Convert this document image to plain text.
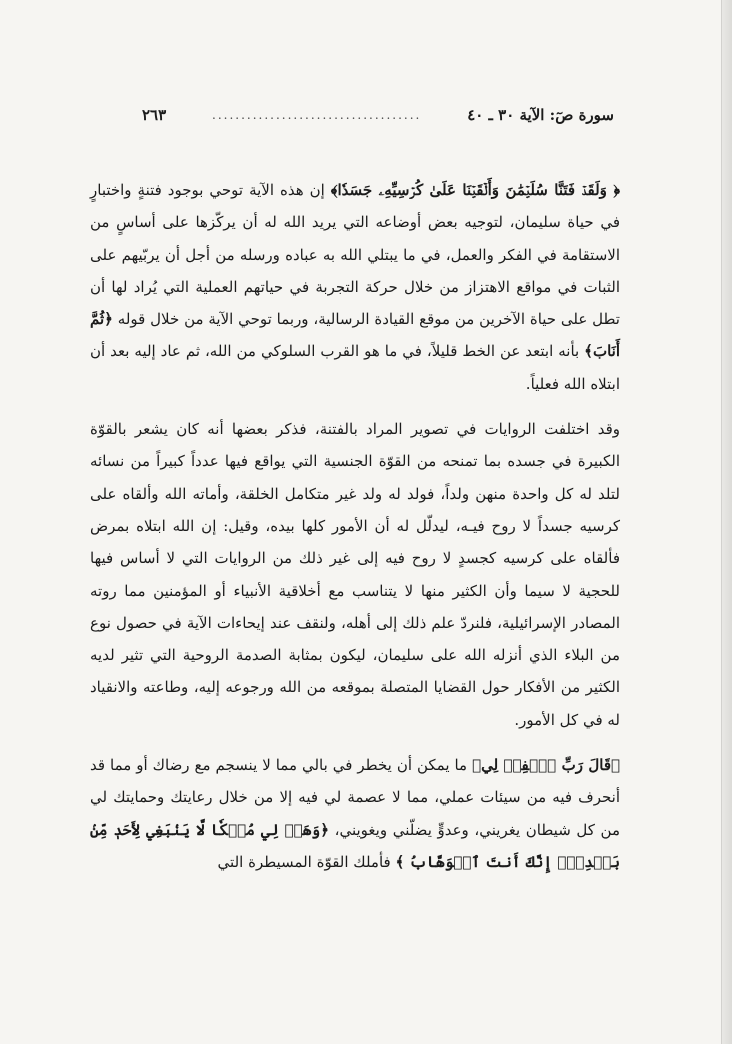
سورة صٓ: الآية ٣٠ ـ ٤٠
....................................
٢٦٣

﴿ وَلَقَدۡ فَتَنَّا سُلَيۡمَٰنَ وَأَلۡقَيۡنَا عَلَىٰ كُرۡسِيِّهِۦ جَسَدٗا﴾ إن هذه الآية توحي بوجود فتنةٍ واختبارٍ في حياة سليمان، لتوجيه بعض أوضاعه التي يريد الله له أن يركّزها على أساسٍ من الاستقامة في الفكر والعمل، في ما يبتلي الله به عباده ورسله من أجل أن يربّيهم على الثبات في مواقع الاهتزاز من خلال حركة التجربة في حياتهم العملية التي يُراد لها أن تطل على حياة الآخرين من موقع القيادة الرسالية، وربما توحي الآية من خلال قوله ﴿ثُمَّ أَنَابَ﴾ بأنه ابتعد عن الخط قليلاً، في ما هو القرب السلوكي من الله، ثم عاد إليه بعد أن ابتلاه الله فعلياً.

وقد اختلفت الروايات في تصوير المراد بالفتنة، فذكر بعضها أنه كان يشعر بالقوّة الكبيرة في جسده بما تمنحه من القوّة الجنسية التي يواقع فيها عدداً كبيراً من نسائه لتلد له كل واحدة منهن ولداً، فولد له ولد غير متكامل الخلقة، وأماته الله وألقاه على كرسيه جسداً لا روح فيـه، ليدلّل له أن الأمور كلها بيده، وقيل: إن الله ابتلاه بمرض فألقاه على كرسيه كجسدٍ لا روح فيه إلى غير ذلك من الروايات التي لا أساس فيها للحجية لا سيما وأن الكثير منها لا يتناسب مع أخلاقية الأنبياء أو المؤمنين مما روته المصادر الإسرائيلية، فلنردّ علم ذلك إلى أهله، ولنقف عند إيحاءات الآية في حصول نوع من البلاء الذي أنزله الله على سليمان، ليكون بمثابة الصدمة الروحية التي تثير لديه الكثير من الأفكار حول القضايا المتصلة بموقعه من الله ورجوعه إليه، وطاعته والانقياد له في كل الأمور.

﴿قَالَ رَبِّ ٱغۡفِرۡ لِي﴾ ما يمكن أن يخطر في بالي مما لا ينسجم مع رضاك أو مما قد أنحرف فيه من سيئات عملي، مما لا عصمة لي فيه إلا من خلال رعايتك وحمايتك لي من كل شيطان يغريني، وعدوٍّ يضلّني ويغويني، ﴿وَهَبۡ لِي مُلۡكٗا لَّا يَنۢبَغِي لِأَحَدٖ مِّنۢ بَعۡدِيٓۖ إِنَّكَ أَنتَ ٱلۡوَهَّابُ ﴾ فأملك القوّة المسيطرة التي
